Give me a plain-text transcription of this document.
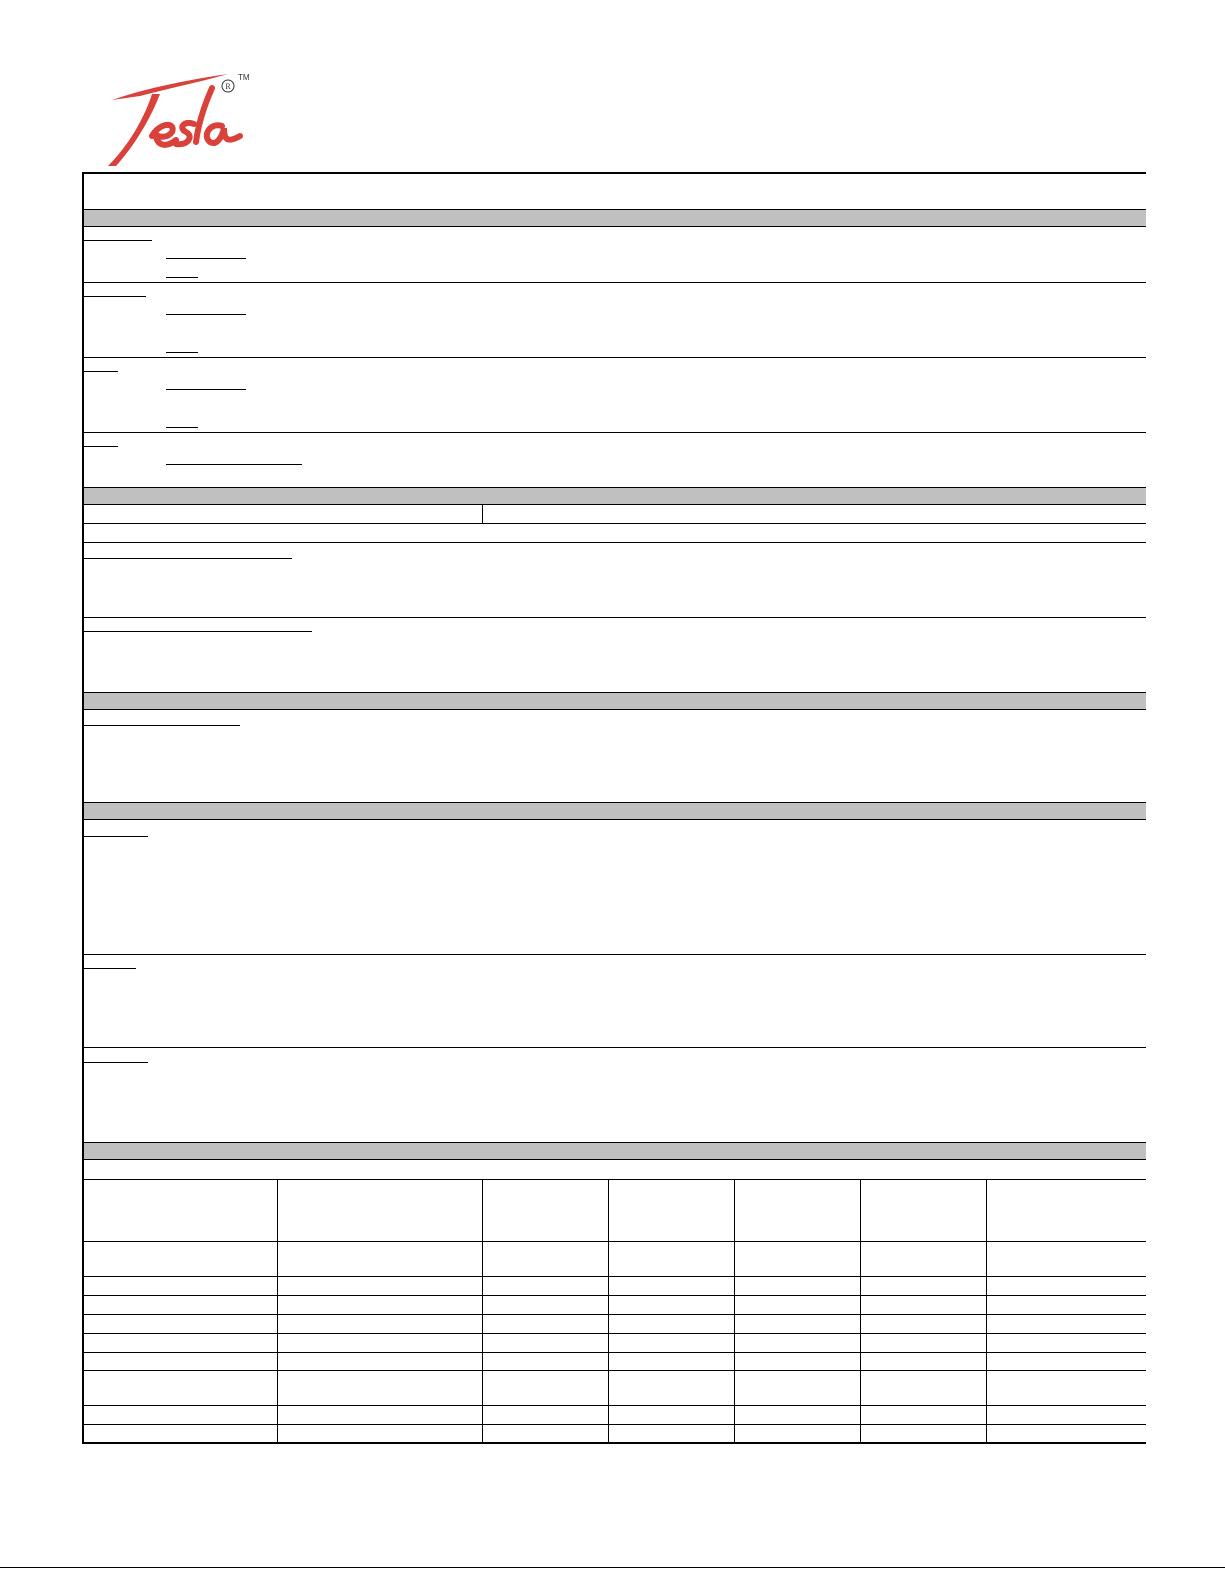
R
TM
